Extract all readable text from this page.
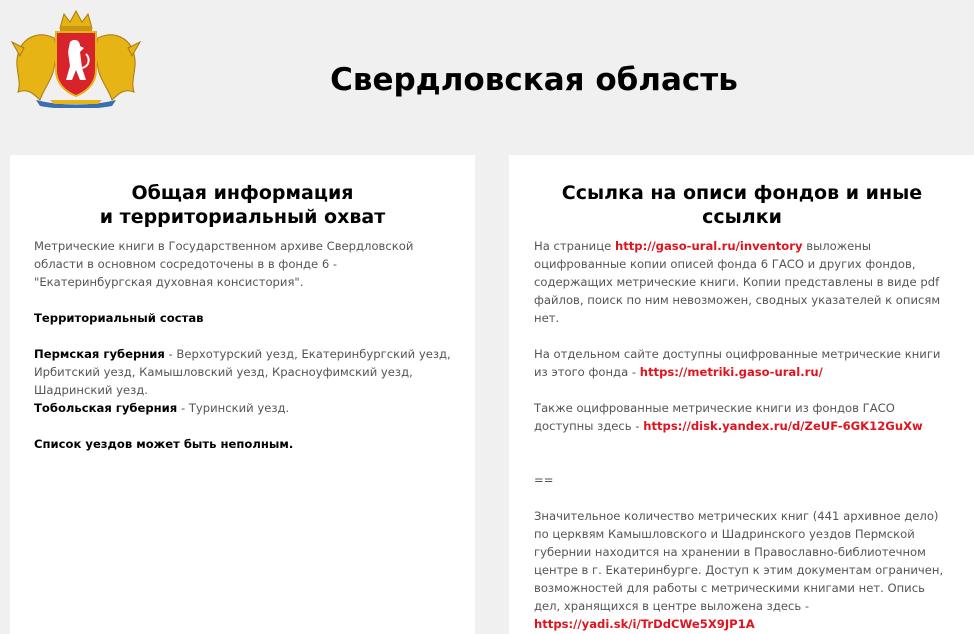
Свердловская область
Общая информация
и территориальный охват

Метрические книги в Государственном архиве Свердловской области в основном сосредоточены в в фонде 6 - "Екатеринбургская духовная консистория".

Территориальный состав

Пермская губерния - Верхотурский уезд, Екатеринбургский уезд, Ирбитский уезд, Камышловский уезд, Красноуфимский уезд, Шадринский уезд.

Тобольская губерния - Туринский уезд.

Список уездов может быть неполным.

Ссылка на описи фондов и иные ссылки

На странице http://gaso-ural.ru/inventory выложены оцифрованные копии описей фонда 6 ГАСО и других фондов, содержащих метрические книги. Копии представлены в виде pdf файлов, поиск по ним невозможен, сводных указателей к описям нет.

На отдельном сайте доступны оцифрованные метрические книги из этого фонда - https://metriki.gaso-ural.ru/

Также оцифрованные метрические книги из фондов ГАСО доступны здесь - https://disk.yandex.ru/d/ZeUF-6GK12GuXw

==

Значительное количество метрических книг (441 архивное дело) по церквям Камышловского и Шадринского уездов Пермской губернии находится на хранении в Православно-библиотечном центре в г. Екатеринбурге. Доступ к этим документам ограничен, возможностей для работы с метрическими книгами нет. Опись дел, хранящихся в центре выложена здесь - https://yadi.sk/i/TrDdCWe5X9JP1A
